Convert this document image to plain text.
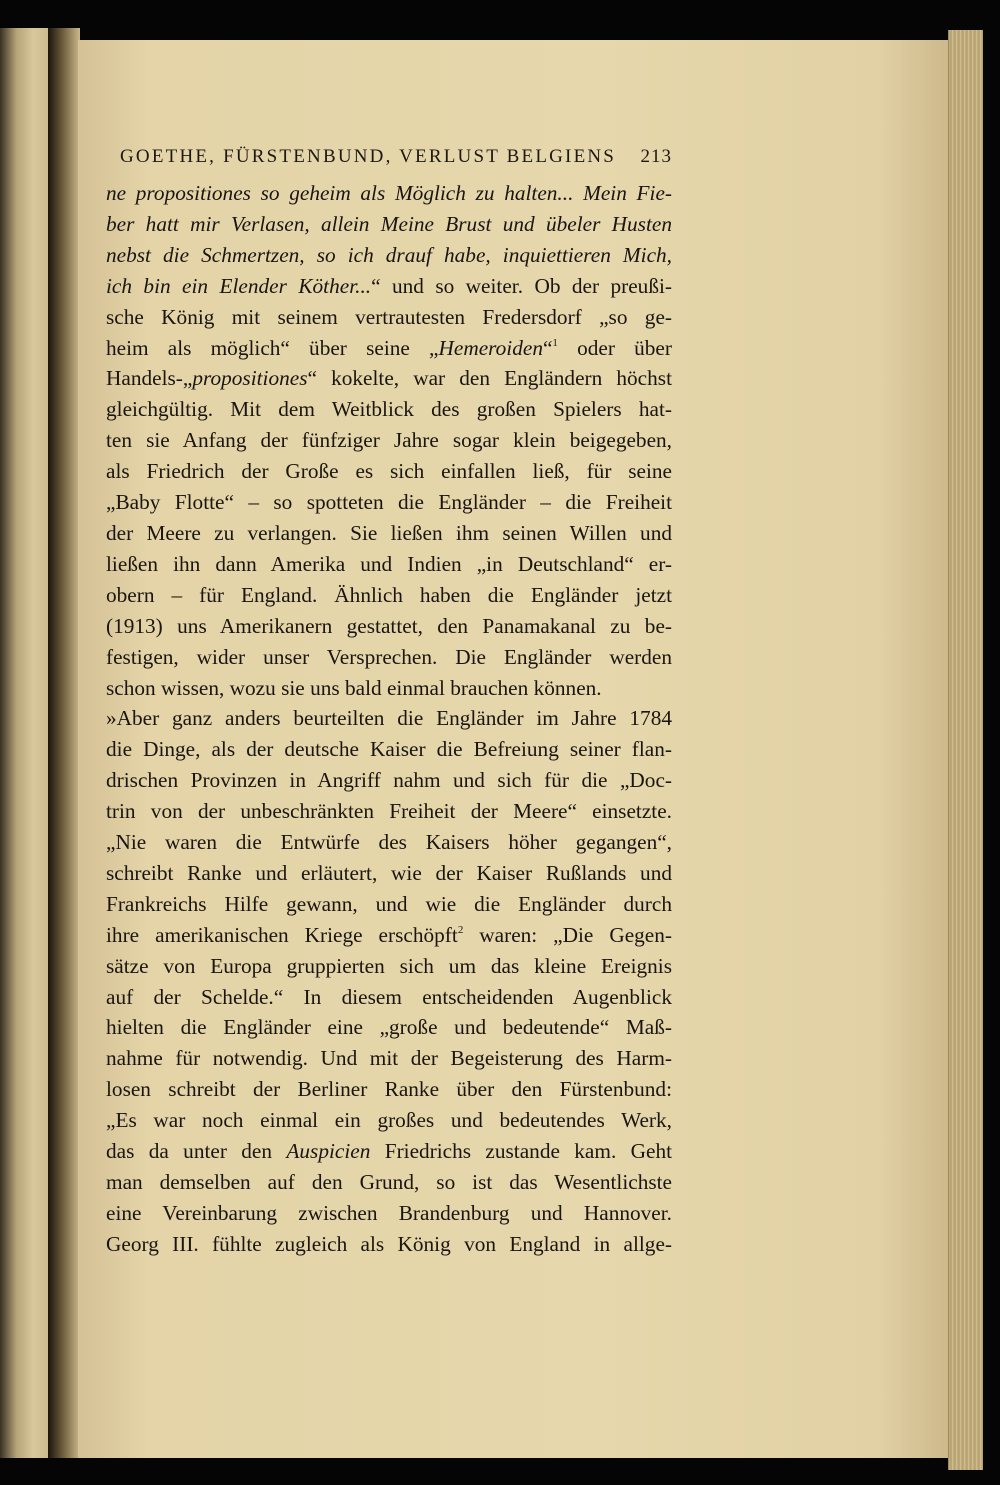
GOETHE, FÜRSTENBUND, VERLUST BELGIENS 213
ne propositiones so geheim als Möglich zu halten... Mein Fie-
ber hatt mir Verlasen, allein Meine Brust und übeler Husten
nebst die Schmertzen, so ich drauf habe, inquiettieren Mich,
ich bin ein Elender Köther...“ und so weiter. Ob der preußi-
sche König mit seinem vertrautesten Fredersdorf „so ge-
heim als möglich“ über seine „Hemeroiden“$^1$ oder über
Handels-„propositiones“ kokelte, war den Engländern höchst
gleichgültig. Mit dem Weitblick des großen Spielers hat-
ten sie Anfang der fünfziger Jahre sogar klein beigegeben,
als Friedrich der Große es sich einfallen ließ, für seine
„Baby Flotte“ – so spotteten die Engländer – die Freiheit
der Meere zu verlangen. Sie ließen ihm seinen Willen und
ließen ihn dann Amerika und Indien „in Deutschland“ er-
obern – für England. Ähnlich haben die Engländer jetzt
(1913) uns Amerikanern gestattet, den Panamakanal zu be-
festigen, wider unser Versprechen. Die Engländer werden
schon wissen, wozu sie uns bald einmal brauchen können.
»Aber ganz anders beurteilten die Engländer im Jahre 1784
die Dinge, als der deutsche Kaiser die Befreiung seiner flan-
drischen Provinzen in Angriff nahm und sich für die „Doc-
trin von der unbeschränkten Freiheit der Meere“ einsetzte.
„Nie waren die Entwürfe des Kaisers höher gegangen“,
schreibt Ranke und erläutert, wie der Kaiser Rußlands und
Frankreichs Hilfe gewann, und wie die Engländer durch
ihre amerikanischen Kriege erschöpft$^2$ waren: „Die Gegen-
sätze von Europa gruppierten sich um das kleine Ereignis
auf der Schelde.“ In diesem entscheidenden Augenblick
hielten die Engländer eine „große und bedeutende“ Maß-
nahme für notwendig. Und mit der Begeisterung des Harm-
losen schreibt der Berliner Ranke über den Fürstenbund:
„Es war noch einmal ein großes und bedeutendes Werk,
das da unter den Auspicien Friedrichs zustande kam. Geht
man demselben auf den Grund, so ist das Wesentlichste
eine Vereinbarung zwischen Brandenburg und Hannover.
Georg III. fühlte zugleich als König von England in allge-
